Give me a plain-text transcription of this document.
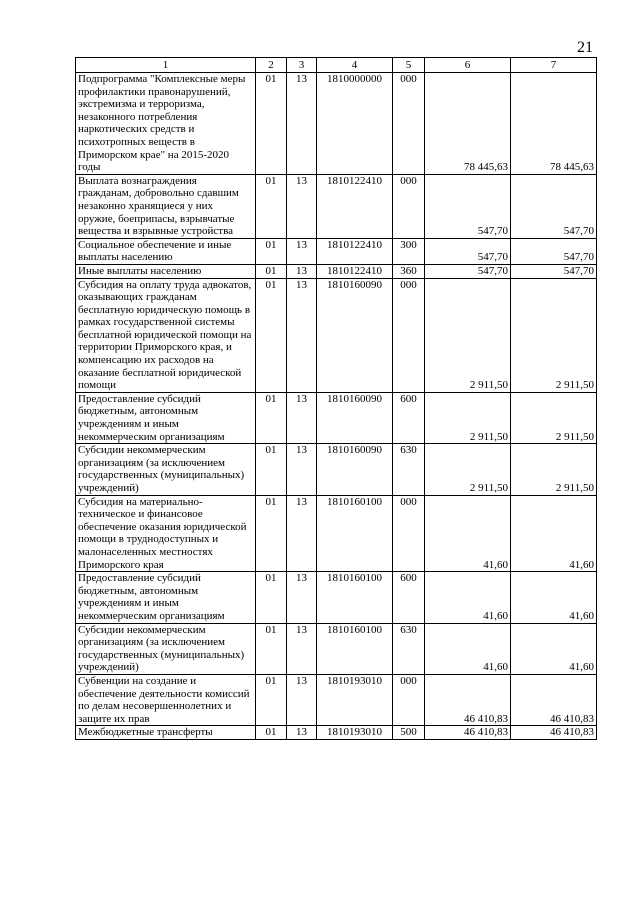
21
1	2	3	4	5	6	7
Подпрограмма "Комплексные меры профилактики правонарушений, экстремизма и терроризма, незаконного потребления наркотических средств и психотропных веществ в Приморском крае" на 2015-2020 годы	01	13	1810000000	000	78 445,63	78 445,63
Выплата вознаграждения гражданам, добровольно сдавшим незаконно хранящиеся у них оружие, боеприпасы, взрывчатые вещества и взрывные устройства	01	13	1810122410	000	547,70	547,70
Социальное обеспечение и иные выплаты населению	01	13	1810122410	300	547,70	547,70
Иные выплаты населению	01	13	1810122410	360	547,70	547,70
Субсидия на оплату труда адвокатов, оказывающих гражданам бесплатную юридическую помощь в рамках государственной системы бесплатной юридической помощи на территории Приморского края, и компенсацию их расходов на оказание бесплатной юридической помощи	01	13	1810160090	000	2 911,50	2 911,50
Предоставление субсидий бюджетным, автономным учреждениям и иным некоммерческим организациям	01	13	1810160090	600	2 911,50	2 911,50
Субсидии некоммерческим организациям (за исключением государственных (муниципальных) учреждений)	01	13	1810160090	630	2 911,50	2 911,50
Субсидия на материально-техническое и финансовое обеспечение оказания юридической помощи в труднодоступных и малонаселенных местностях Приморского края	01	13	1810160100	000	41,60	41,60
Предоставление субсидий бюджетным, автономным учреждениям и иным некоммерческим организациям	01	13	1810160100	600	41,60	41,60
Субсидии некоммерческим организациям (за исключением государственных (муниципальных) учреждений)	01	13	1810160100	630	41,60	41,60
Субвенции на создание и обеспечение деятельности комиссий по делам несовершеннолетних и защите их прав	01	13	1810193010	000	46 410,83	46 410,83
Межбюджетные трансферты	01	13	1810193010	500	46 410,83	46 410,83
